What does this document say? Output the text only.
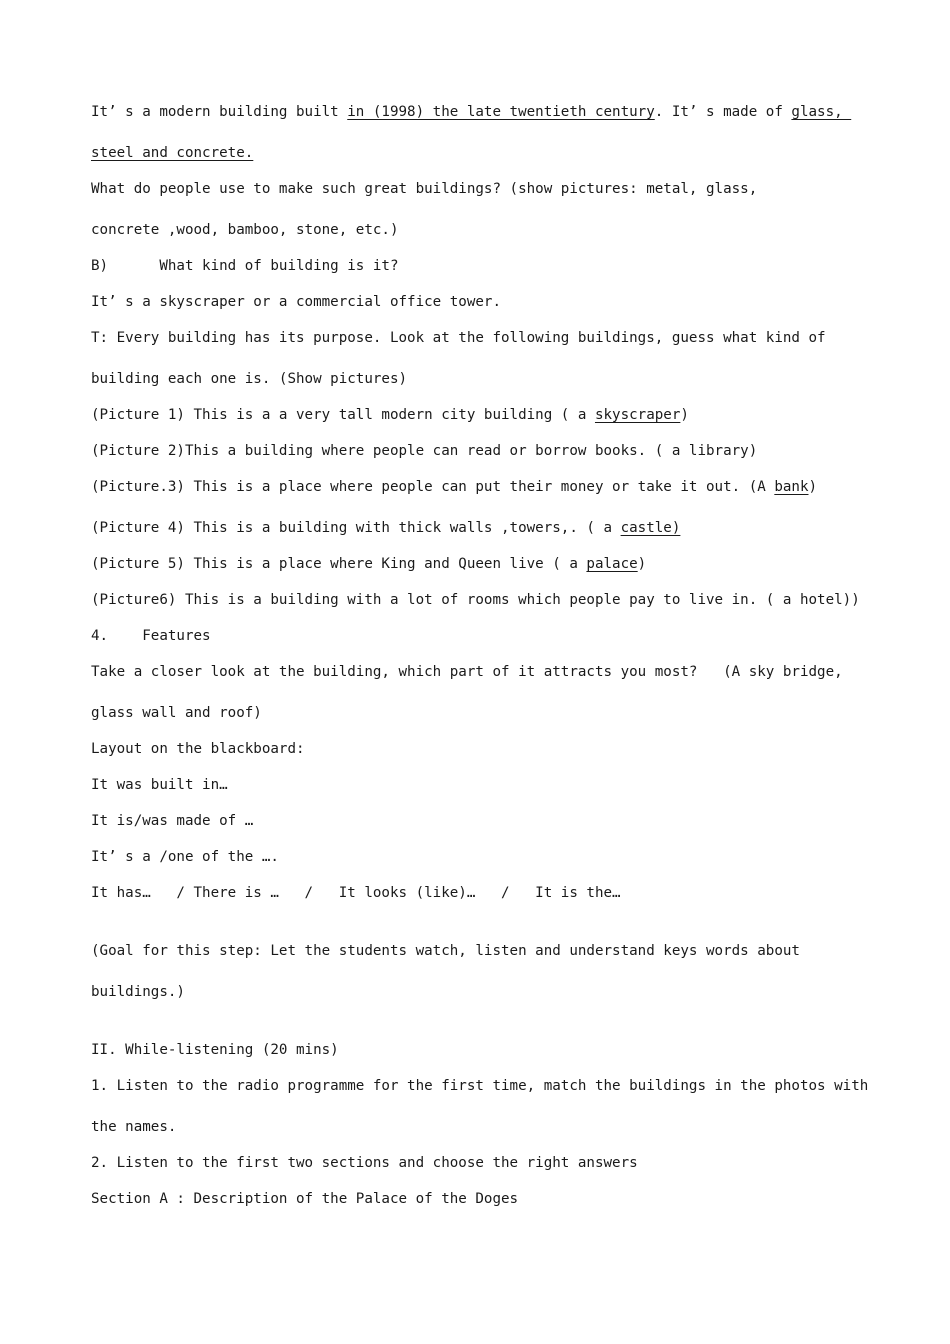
It’ s a modern building built in (1998) the late twentieth century. It’ s made of glass,

steel and concrete.

What do people use to make such great buildings? (show pictures: metal, glass,

concrete ,wood, bamboo, stone, etc.)

B)      What kind of building is it?

It’ s a skyscraper or a commercial office tower.

T: Every building has its purpose. Look at the following buildings, guess what kind of

building each one is. (Show pictures)

(Picture 1) This is a a very tall modern city building ( a skyscraper)

(Picture 2)This a building where people can read or borrow books. ( a library)

(Picture.3) This is a place where people can put their money or take it out. (A bank)

(Picture 4) This is a building with thick walls ,towers,. ( a castle)

(Picture 5) This is a place where King and Queen live ( a palace)

(Picture6) This is a building with a lot of rooms which people pay to live in. ( a hotel))

4.    Features

Take a closer look at the building, which part of it attracts you most?   (A sky bridge,

glass wall and roof)

Layout on the blackboard:

It was built in…

It is/was made of …

It’ s a /one of the ….

It has…   / There is …   /   It looks (like)…   /   It is the…

(Goal for this step: Let the students watch, listen and understand keys words about

buildings.)

II. While-listening (20 mins)

1. Listen to the radio programme for the first time, match the buildings in the photos with

the names.

2. Listen to the first two sections and choose the right answers

Section A : Description of the Palace of the Doges
